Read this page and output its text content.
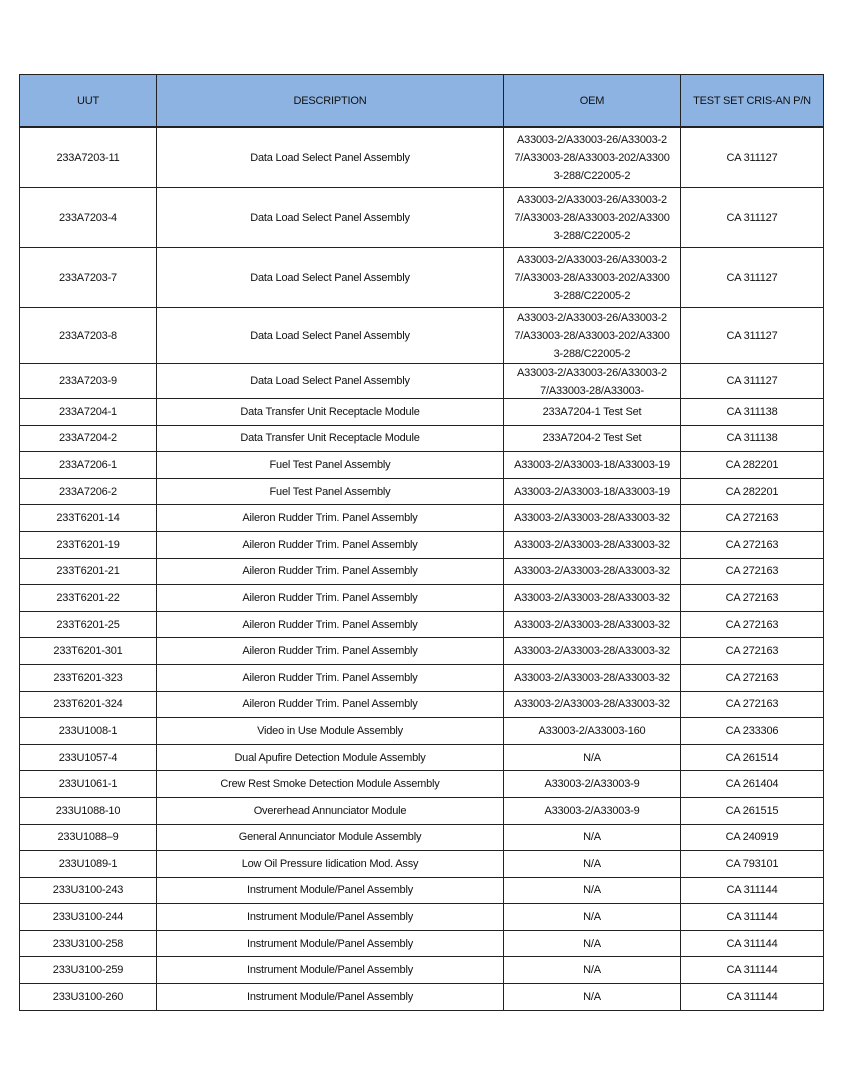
UUT	DESCRIPTION	OEM	TEST SET CRIS-AN P/N
233A7203-11	Data Load Select Panel Assembly	A33003-2/A33003-26/A33003-27/A33003-28/A33003-202/A33003-288/C22005-2	CA 311127
233A7203-4	Data Load Select Panel Assembly	A33003-2/A33003-26/A33003-27/A33003-28/A33003-202/A33003-288/C22005-2	CA 311127
233A7203-7	Data Load Select Panel Assembly	A33003-2/A33003-26/A33003-27/A33003-28/A33003-202/A33003-288/C22005-2	CA 311127
233A7203-8	Data Load Select Panel Assembly	A33003-2/A33003-26/A33003-27/A33003-28/A33003-202/A33003-288/C22005-2	CA 311127
233A7203-9	Data Load Select Panel Assembly	A33003-2/A33003-26/A33003-27/A33003-28/A33003-	CA 311127
233A7204-1	Data Transfer Unit Receptacle Module	233A7204-1 Test Set	CA 311138
233A7204-2	Data Transfer Unit Receptacle Module	233A7204-2 Test Set	CA 311138
233A7206-1	Fuel Test Panel Assembly	A33003-2/A33003-18/A33003-19	CA 282201
233A7206-2	Fuel Test Panel Assembly	A33003-2/A33003-18/A33003-19	CA 282201
233T6201-14	Aileron Rudder Trim. Panel Assembly	A33003-2/A33003-28/A33003-32	CA 272163
233T6201-19	Aileron Rudder Trim. Panel Assembly	A33003-2/A33003-28/A33003-32	CA 272163
233T6201-21	Aileron Rudder Trim. Panel Assembly	A33003-2/A33003-28/A33003-32	CA 272163
233T6201-22	Aileron Rudder Trim. Panel Assembly	A33003-2/A33003-28/A33003-32	CA 272163
233T6201-25	Aileron Rudder Trim. Panel Assembly	A33003-2/A33003-28/A33003-32	CA 272163
233T6201-301	Aileron Rudder Trim. Panel Assembly	A33003-2/A33003-28/A33003-32	CA 272163
233T6201-323	Aileron Rudder Trim. Panel Assembly	A33003-2/A33003-28/A33003-32	CA 272163
233T6201-324	Aileron Rudder Trim. Panel Assembly	A33003-2/A33003-28/A33003-32	CA 272163
233U1008-1	Video in Use Module Assembly	A33003-2/A33003-160	CA 233306
233U1057-4	Dual Apufire Detection Module Assembly	N/A	CA 261514
233U1061-1	Crew Rest Smoke Detection Module Assembly	A33003-2/A33003-9	CA 261404
233U1088-10	Overerhead Annunciator Module	A33003-2/A33003-9	CA 261515
233U1088–9	General Annunciator Module Assembly	N/A	CA 240919
233U1089-1	Low Oil Pressure Iidication Mod. Assy	N/A	CA 793101
233U3100-243	Instrument Module/Panel Assembly	N/A	CA 311144
233U3100-244	Instrument Module/Panel Assembly	N/A	CA 311144
233U3100-258	Instrument Module/Panel Assembly	N/A	CA 311144
233U3100-259	Instrument Module/Panel Assembly	N/A	CA 311144
233U3100-260	Instrument Module/Panel Assembly	N/A	CA 311144
